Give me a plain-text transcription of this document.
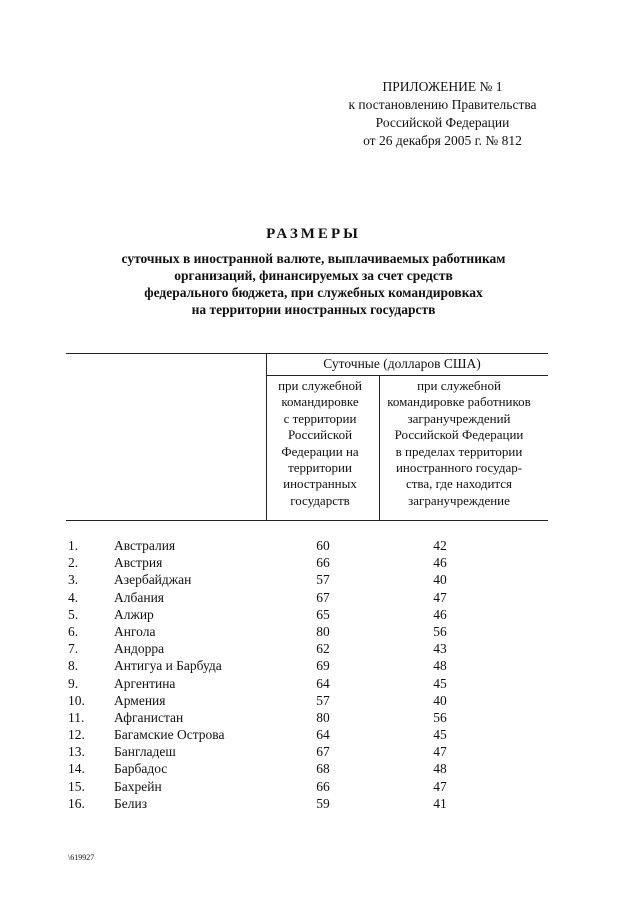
ПРИЛОЖЕНИЕ № 1
к постановлению Правительства
Российской Федерации
от 26 декабря 2005 г. № 812
РАЗМЕРЫ
суточных в иностранной валюте, выплачиваемых работникам
организаций, финансируемых за счет средств
федерального бюджета, при служебных командировках
на территории иностранных государств
Суточные (долларов США)
при служебной
командировке
с территории
Российской
Федерации на
территории
иностранных
государств
при служебной
командировке работников
загранучреждений
Российской Федерации
в пределах территории
иностранного государ-
ства, где находится
загранучреждение
1.	Австралия	60	42
2.	Австрия	66	46
3.	Азербайджан	57	40
4.	Албания	67	47
5.	Алжир	65	46
6.	Ангола	80	56
7.	Андорра	62	43
8.	Антигуа и Барбуда	69	48
9.	Аргентина	64	45
10. Армения	57	40
11. Афганистан	80	56
12. Багамские Острова	64	45
13. Бангладеш	67	47
14. Барбадос	68	48
15. Бахрейн	66	47
16. Белиз	59	41
\619927
